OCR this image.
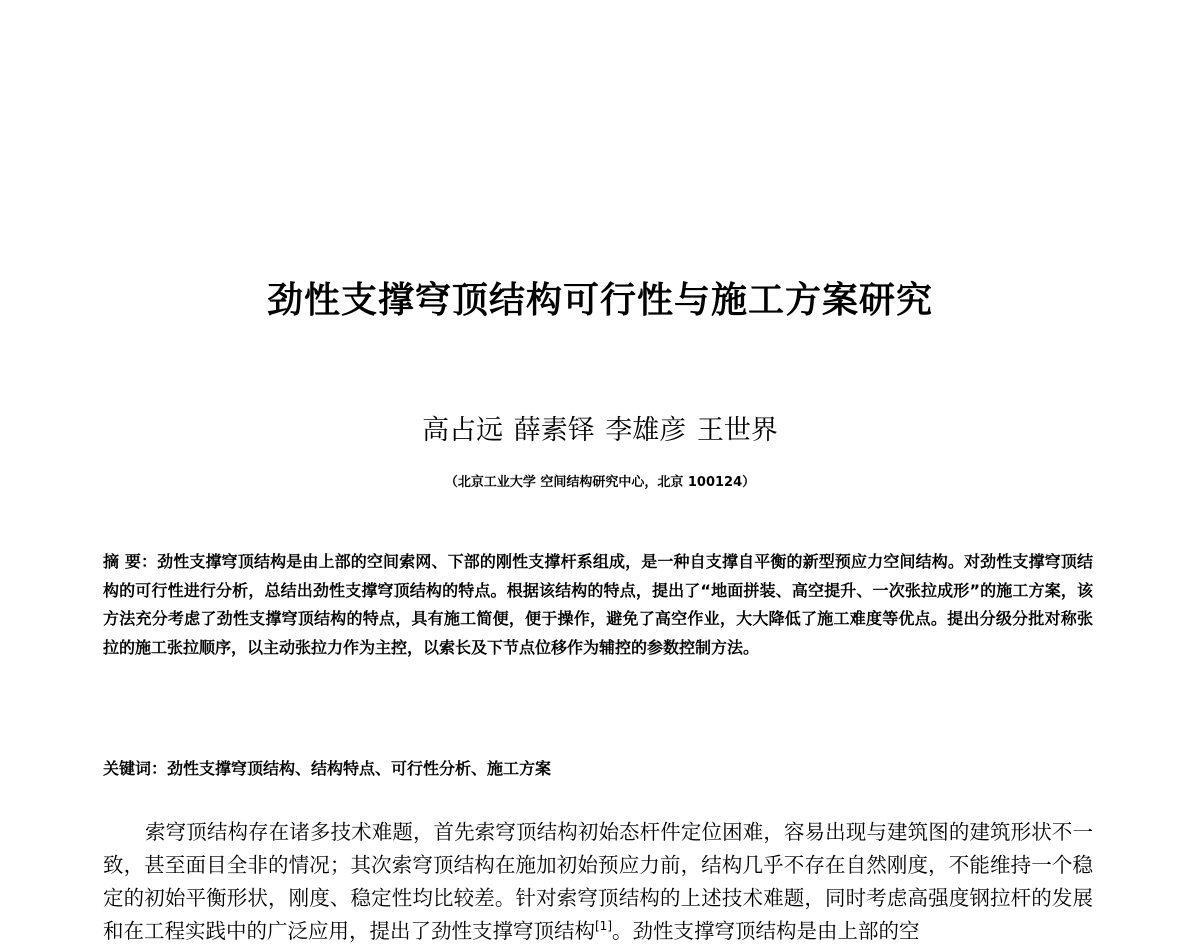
劲性支撑穹顶结构可行性与施工方案研究
高占远 薛素铎 李雄彦 王世界
（北京工业大学 空间结构研究中心，北京 100124）
摘 要：劲性支撑穹顶结构是由上部的空间索网、下部的刚性支撑杆系组成，是一种自支撑自平衡的新型预应力空间结构。对劲性支撑穹顶结构的可行性进行分析，总结出劲性支撑穹顶结构的特点。根据该结构的特点，提出了“地面拼装、高空提升、一次张拉成形”的施工方案，该方法充分考虑了劲性支撑穹顶结构的特点，具有施工简便，便于操作，避免了高空作业，大大降低了施工难度等优点。提出分级分批对称张拉的施工张拉顺序，以主动张拉力作为主控，以索长及下节点位移作为辅控的参数控制方法。
关键词：劲性支撑穹顶结构、结构特点、可行性分析、施工方案
索穹顶结构存在诸多技术难题，首先索穹顶结构初始态杆件定位困难，容易出现与建筑图的建筑形状不一致，甚至面目全非的情况；其次索穹顶结构在施加初始预应力前，结构几乎不存在自然刚度，不能维持一个稳定的初始平衡形状，刚度、稳定性均比较差。针对索穹顶结构的上述技术难题，同时考虑高强度钢拉杆的发展和在工程实践中的广泛应用，提出了劲性支撑穹顶结构[1]。劲性支撑穹顶结构是由上部的空
